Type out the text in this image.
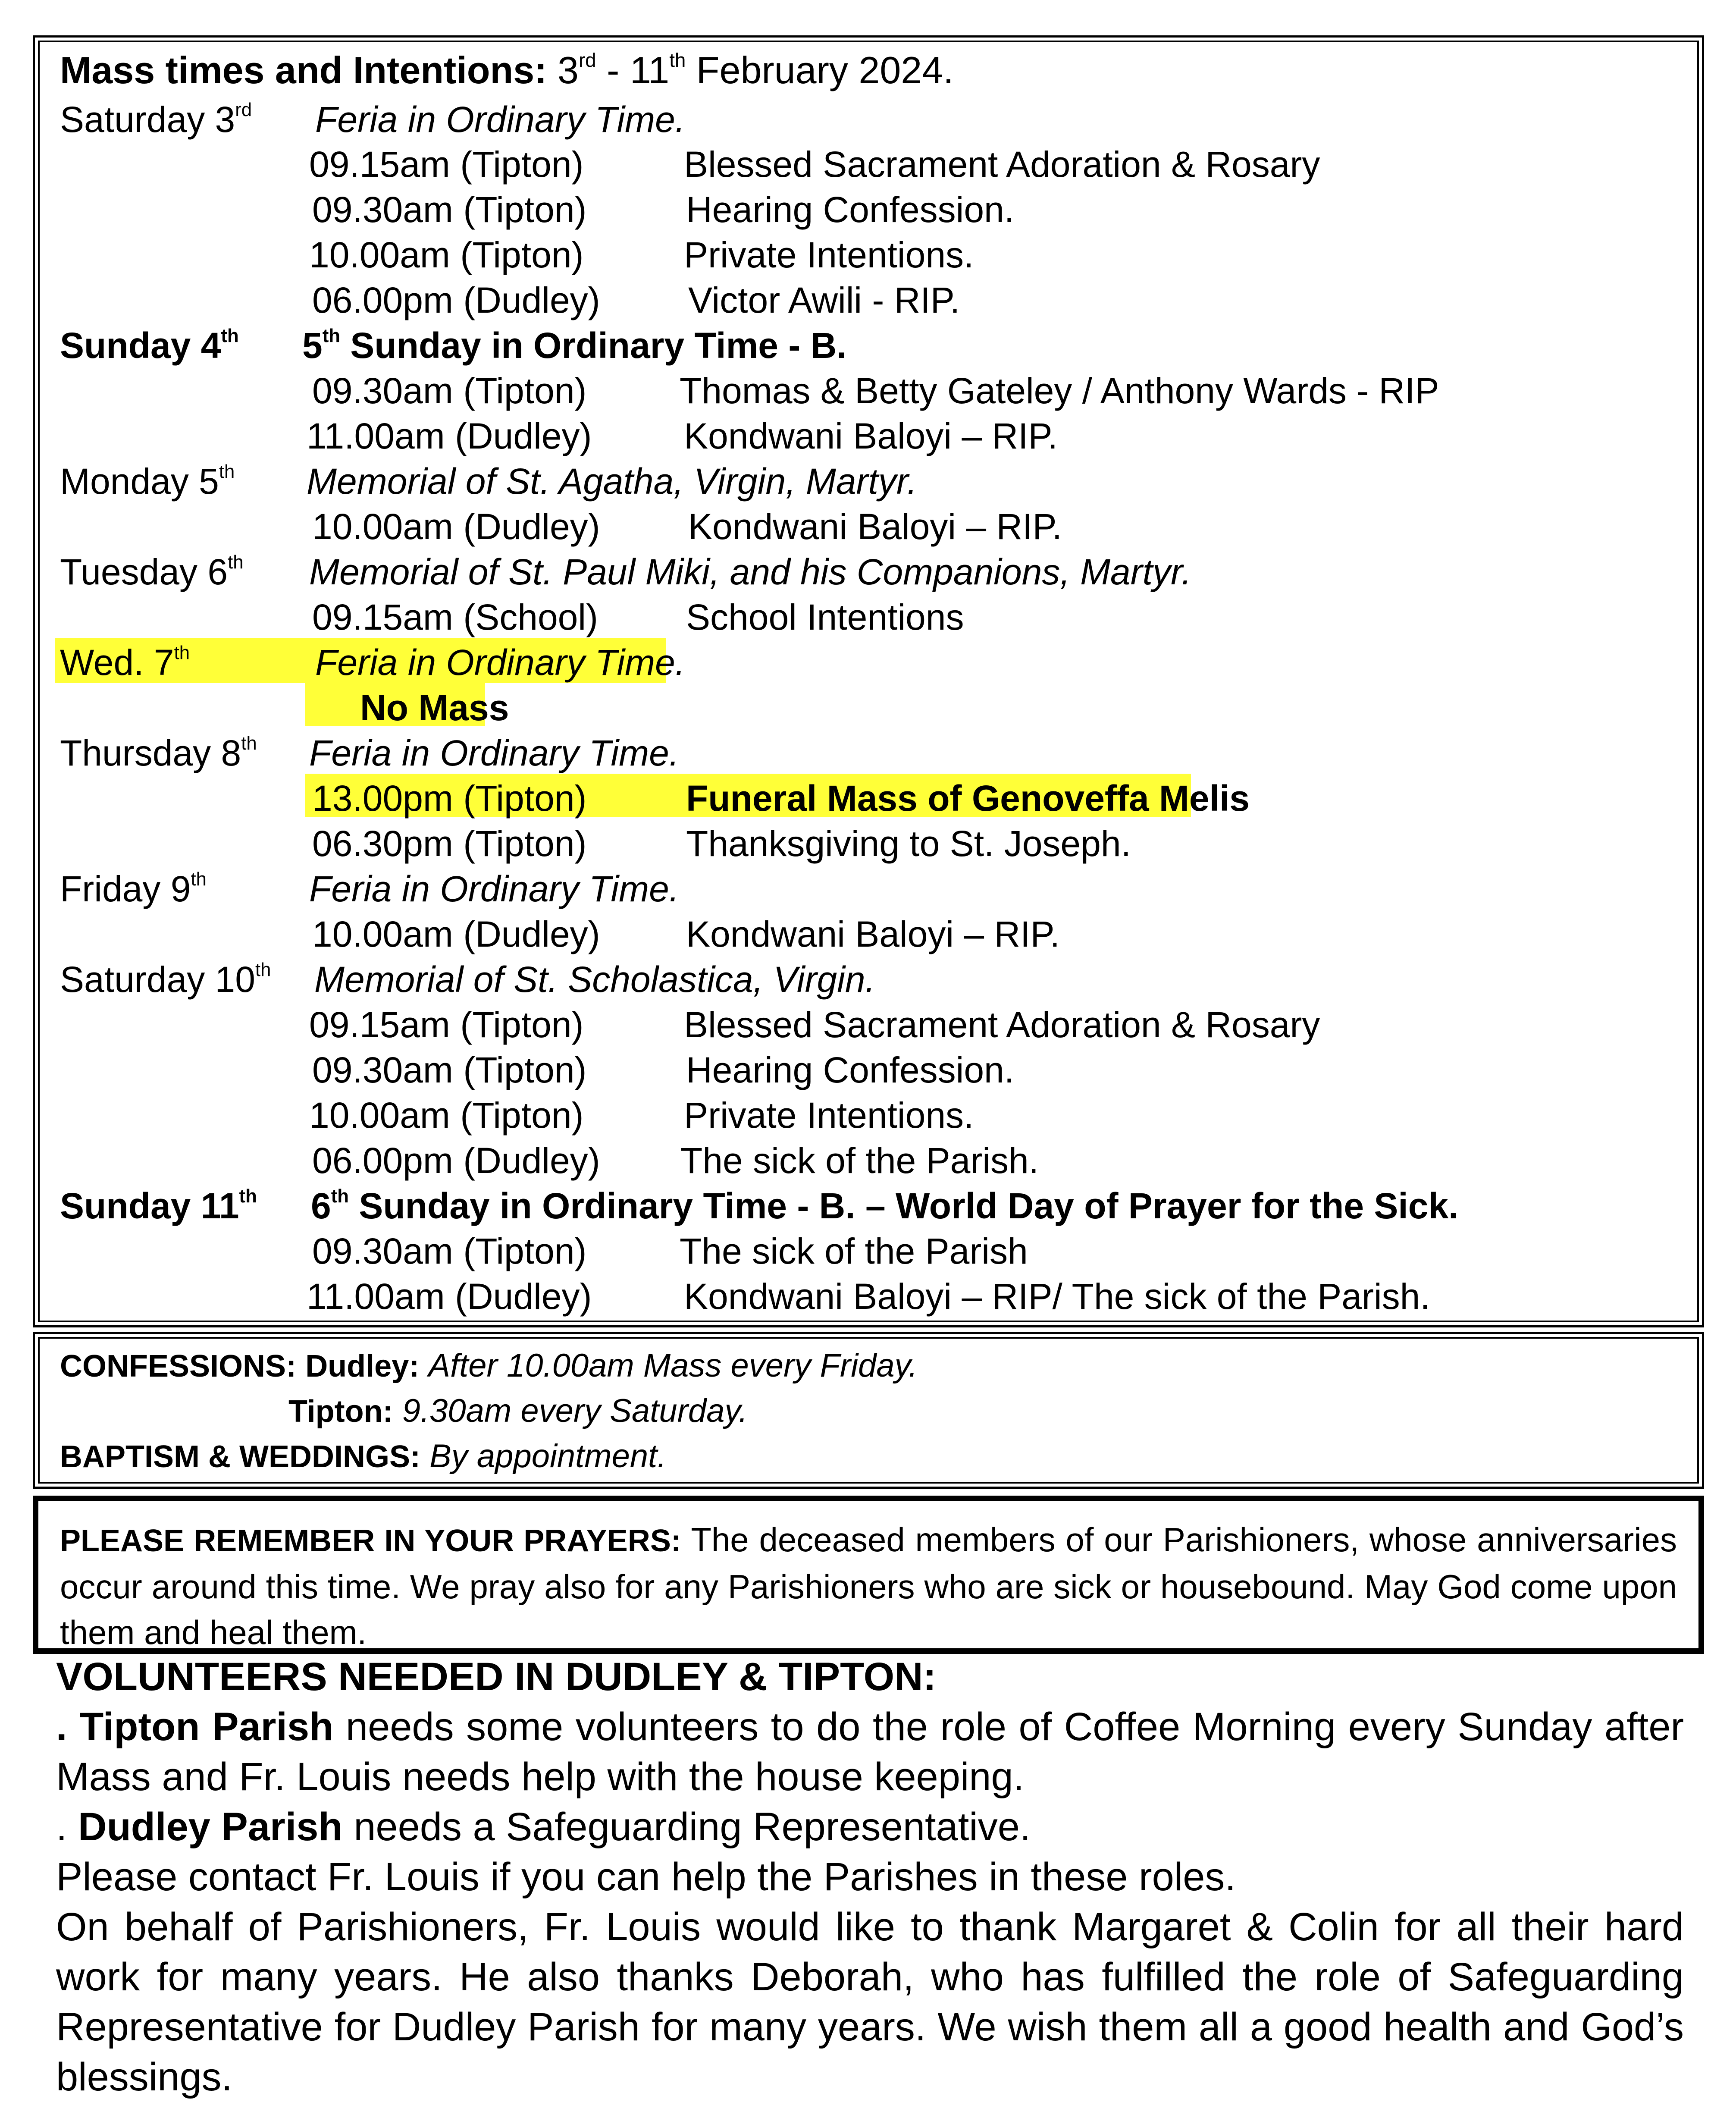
Mass times and Intentions: 3rd - 11th February 2024.
Saturday 3rd Feria in Ordinary Time.
09.15am (Tipton)	Blessed Sacrament Adoration & Rosary
09.30am (Tipton)	Hearing Confession.
10.00am (Tipton)	Private Intentions.
06.00pm (Dudley) Victor Awili - RIP.
Sunday 4th 5th Sunday in Ordinary Time - B.
09.30am (Tipton)	Thomas & Betty Gateley / Anthony Wards - RIP
11.00am (Dudley)	Kondwani Baloyi – RIP.
Monday 5th Memorial of St. Agatha, Virgin, Martyr.
10.00am (Dudley) Kondwani Baloyi – RIP.
Tuesday 6th Memorial of St. Paul Miki, and his Companions, Martyr.
09.15am (School) School Intentions
Wed. 7th	Feria in Ordinary Time.
No Mass
Thursday 8th Feria in Ordinary Time.
13.00pm (Tipton)	Funeral Mass of Genoveffa Melis
06.30pm (Tipton)	Thanksgiving to St. Joseph.
Friday 9th	Feria in Ordinary Time.
10.00am (Dudley) Kondwani Baloyi – RIP.
Saturday 10th Memorial of St. Scholastica, Virgin.
09.15am (Tipton)	Blessed Sacrament Adoration & Rosary
09.30am (Tipton)	Hearing Confession.
10.00am (Tipton)	Private Intentions.
06.00pm (Dudley) The sick of the Parish.
Sunday 11th 6th Sunday in Ordinary Time - B. – World Day of Prayer for the Sick.
09.30am (Tipton)	The sick of the Parish
11.00am (Dudley)	Kondwani Baloyi – RIP/ The sick of the Parish.
CONFESSIONS: Dudley: After 10.00am Mass every Friday.
Tipton: 9.30am every Saturday.
BAPTISM & WEDDINGS: By appointment.

PLEASE REMEMBER IN YOUR PRAYERS: The deceased members of our Parishioners, whose anniversaries occur around this time. We pray also for any Parishioners who are sick or housebound. May God come upon them and heal them.

VOLUNTEERS NEEDED IN DUDLEY & TIPTON:

. Tipton Parish needs some volunteers to do the role of Coffee Morning every Sunday after Mass and Fr. Louis needs help with the house keeping.

. Dudley Parish needs a Safeguarding Representative.

Please contact Fr. Louis if you can help the Parishes in these roles.

On behalf of Parishioners, Fr. Louis would like to thank Margaret & Colin for all their hard work for many years. He also thanks Deborah, who has fulfilled the role of Safeguarding Representative for Dudley Parish for many years. We wish them all a good health and God’s blessings.
